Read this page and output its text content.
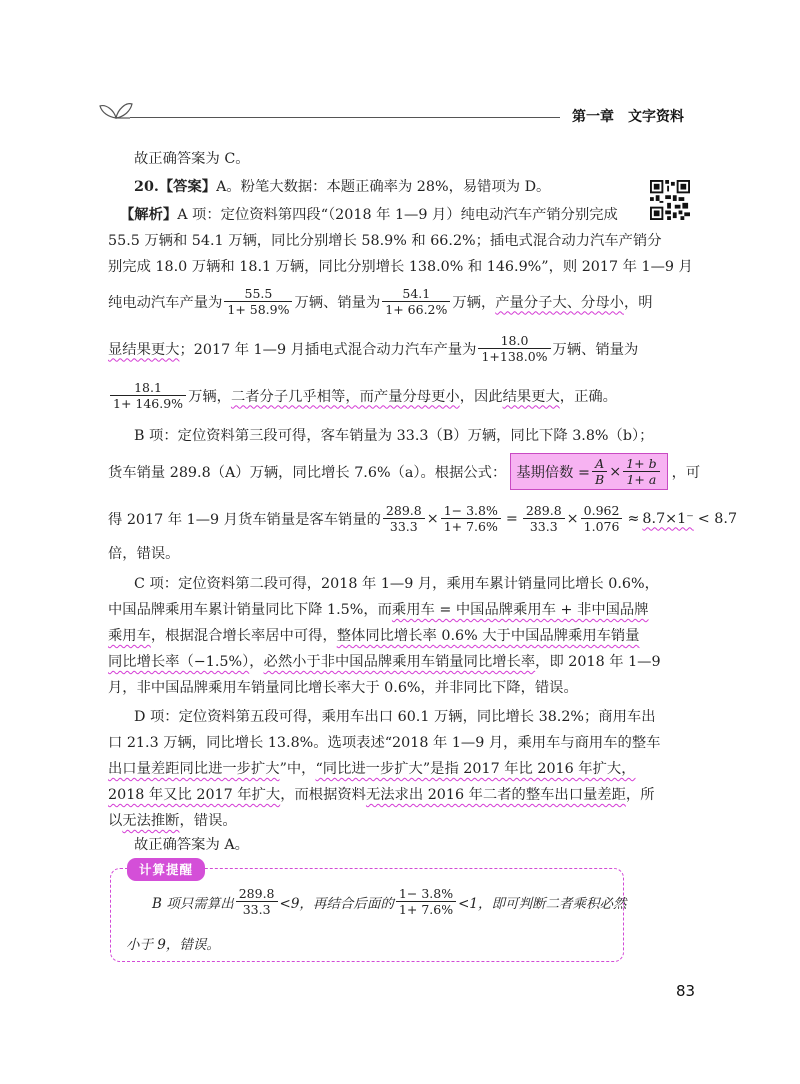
第一章 文字资料
故正确答案为 C。
20.【答案】A。粉笔大数据：本题正确率为 28%，易错项为 D。
【解析】A 项：定位资料第四段“（2018 年 1—9 月）纯电动汽车产销分别完成
55.5 万辆和 54.1 万辆，同比分别增长 58.9% 和 66.2%；插电式混合动力汽车产销分
别完成 18.0 万辆和 18.1 万辆，同比分别增长 138.0% 和 146.9%”，则 2017 年 1—9 月
纯电动汽车产量为 $\frac{55.5}{1+ 58.9\%}$ 万辆、销量为 $\frac{54.1}{1+ 66.2\%}$ 万辆， 产量分子大、分母小 ，明
显结果更大 ；2017 年 1—9 月插电式混合动力汽车产量为 $\frac{18.0}{1+138.0\%}$ 万辆、销量为
$\frac{18.1}{1+ 146.9\%}$ 万辆， 二者分子几乎相等，而产量分母更小 ，因此 结果更大 ，正确。
B 项：定位资料第三段可得，客车销量为 33.3（B）万辆，同比下降 3.8%（b）；
货车销量 289.8（A）万辆，同比增长 7.6%（a）。根据公式： 基期倍数 = $\frac{A}{B} \times \frac{1+ b}{1+ a}$ ，可
得 2017 年 1—9 月货车销量是客车销量的 $\frac{289.8}{33.3} \times \frac{1- 3.8\%}{1+ 7.6\%} = \frac{289.8}{33.3} \times \frac{0.962}{1.076} \approx 8.7\times 1^- < 8.7$
倍，错误。
C 项：定位资料第二段可得，2018 年 1—9 月，乘用车累计销量同比增长 0.6%，
中国品牌乘用车累计销量同比下降 1.5%，而乘用车 = 中国品牌乘用车 + 非中国品牌
乘用车，根据混合增长率居中可得，整体同比增长率 0.6% 大于中国品牌乘用车销量
同比增长率（−1.5%），必然小于非中国品牌乘用车销量同比增长率，即 2018 年 1—9
月，非中国品牌乘用车销量同比增长率大于 0.6%，并非同比下降，错误。
D 项：定位资料第五段可得，乘用车出口 60.1 万辆，同比增长 38.2%；商用车出
口 21.3 万辆，同比增长 13.8%。选项表述“2018 年 1—9 月，乘用车与商用车的整车
出口量差距同比进一步扩大”中，“同比进一步扩大”是指 2017 年比 2016 年扩大，
2018 年又比 2017 年扩大，而根据资料无法求出 2016 年二者的整车出口量差距，所
以无法推断，错误。
故正确答案为 A。
计算提醒
B 项只需算出 $\frac{289.8}{33.3} <9$，再结合后面的 $\frac{1- 3.8\%}{1+ 7.6\%} <1$，即可判断二者乘积必然
小于 9，错误。
83
